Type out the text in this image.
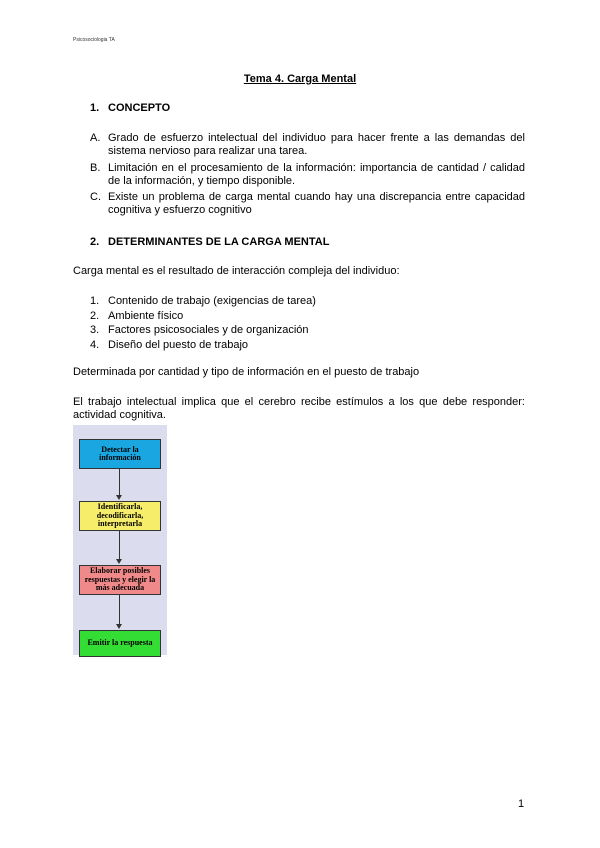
Psicosociologia TA
Tema 4. Carga Mental
1. CONCEPTO
A. Grado de esfuerzo intelectual del individuo para hacer frente a las demandas del sistema nervioso para realizar una tarea.
B. Limitación en el procesamiento de la información: importancia de cantidad / calidad de la información, y tiempo disponible.
C. Existe un problema de carga mental cuando hay una discrepancia entre capacidad cognitiva y esfuerzo cognitivo
2. DETERMINANTES DE LA CARGA MENTAL
Carga mental es el resultado de interacción compleja del individuo:
1. Contenido de trabajo (exigencias de tarea)
2. Ambiente físico
3. Factores psicosociales y de organización
4. Diseño del puesto de trabajo
Determinada por cantidad y tipo de información en el puesto de trabajo
El trabajo intelectual implica que el cerebro recibe estímulos a los que debe responder: actividad cognitiva.
Detectar la información
Identificarla, decodificarla, interpretarla
Elaborar posibles respuestas y elegir la más adecuada
Emitir la respuesta
1
